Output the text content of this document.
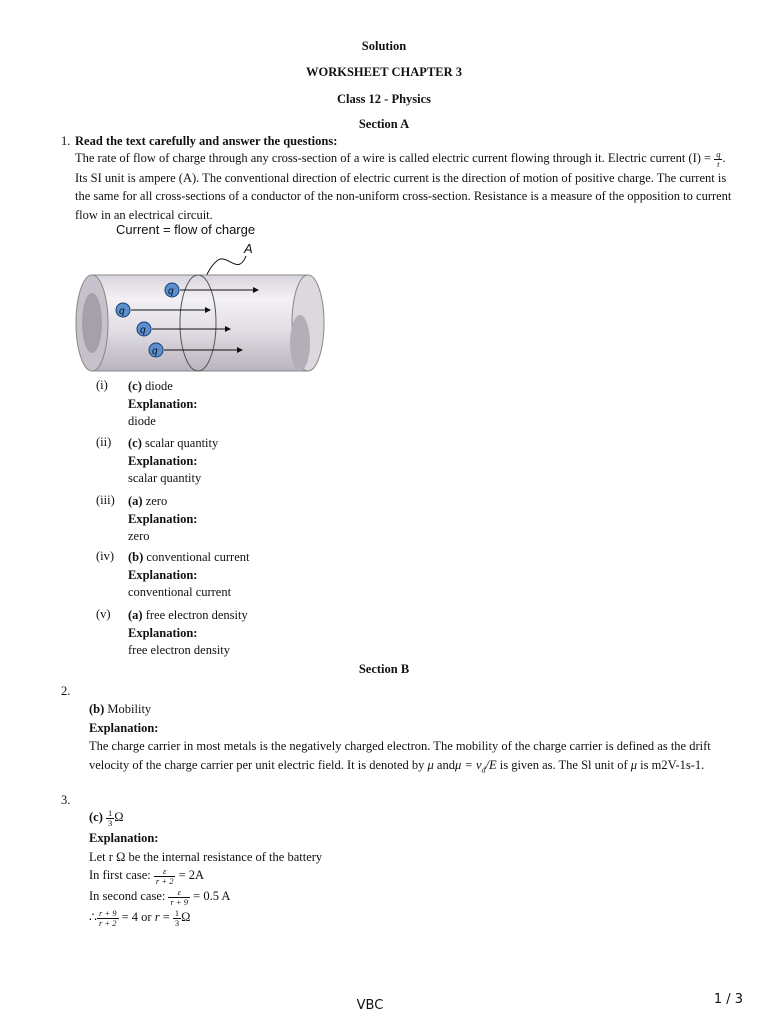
Solution
WORKSHEET CHAPTER 3
Class 12 - Physics
Section A
1. Read the text carefully and answer the questions:
The rate of flow of charge through any cross-section of a wire is called electric current flowing through it. Electric current $(I) = \frac{q}{t}$ . Its SI unit is ampere (A). The conventional direction of electric current is the direction of motion of positive charge. The current is the same for all cross-sections of a conductor of the non-uniform cross-section. Resistance is a measure of the opposition to current flow in an electrical circuit.
Current = flow of charge
A
q
q
q
q
(i)	(c) diode
Explanation:
diode
(ii)	(c) scalar quantity
Explanation:
scalar quantity
(iii)	(a) zero
Explanation:
zero
(iv)	(b) conventional current
Explanation:
conventional current
(v)	(a) free electron density
Explanation:
free electron density
Section B
2.
(b) Mobility
Explanation:
The charge carrier in most metals is the negatively charged electron. The mobility of the charge carrier is defined as the drift velocity of the charge carrier per unit electric field. It is denoted by μ $and\mu = v_d/E$ is given as. The Sl unit of μ is m2V-1s-1.
3.
$(c) \frac{1}{3}$ Ω
Explanation:
Let r Ω be the internal resistance of the battery
In first case: $\frac{\varepsilon}{r + 2} = 2A$
In second case: $\frac{\varepsilon}{r + 9} = 0.5$ A
∴ $\frac{r + 9}{r + 2} = 4$ or $r = \frac{1}{3}$ Ω
VBC	1 / 3
